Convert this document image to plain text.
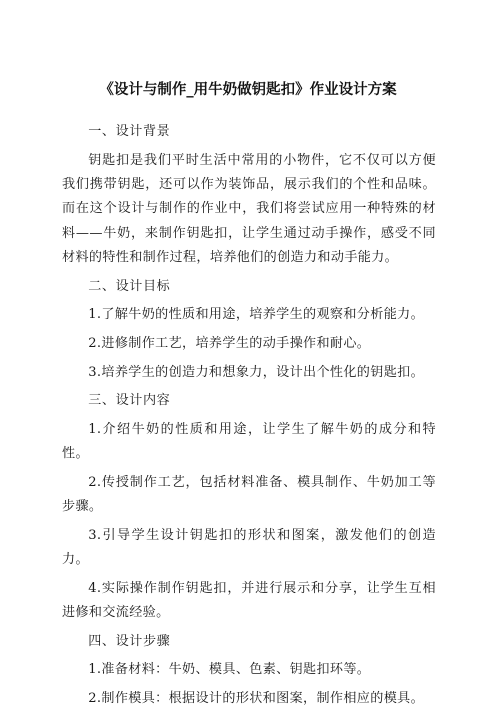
《设计与制作_用牛奶做钥匙扣》作业设计方案

一、设计背景

钥匙扣是我们平时生活中常用的小物件，它不仅可以方便我们携带钥匙，还可以作为装饰品，展示我们的个性和品味。而在这个设计与制作的作业中，我们将尝试应用一种特殊的材料——牛奶，来制作钥匙扣，让学生通过动手操作，感受不同材料的特性和制作过程，培养他们的创造力和动手能力。

二、设计目标

1.了解牛奶的性质和用途，培养学生的观察和分析能力。

2.进修制作工艺，培养学生的动手操作和耐心。

3.培养学生的创造力和想象力，设计出个性化的钥匙扣。

三、设计内容

1.介绍牛奶的性质和用途，让学生了解牛奶的成分和特性。

2.传授制作工艺，包括材料准备、模具制作、牛奶加工等步骤。

3.引导学生设计钥匙扣的形状和图案，激发他们的创造力。

4.实际操作制作钥匙扣，并进行展示和分享，让学生互相进修和交流经验。

四、设计步骤

1.准备材料：牛奶、模具、色素、钥匙扣环等。

2.制作模具：根据设计的形状和图案，制作相应的模具。
